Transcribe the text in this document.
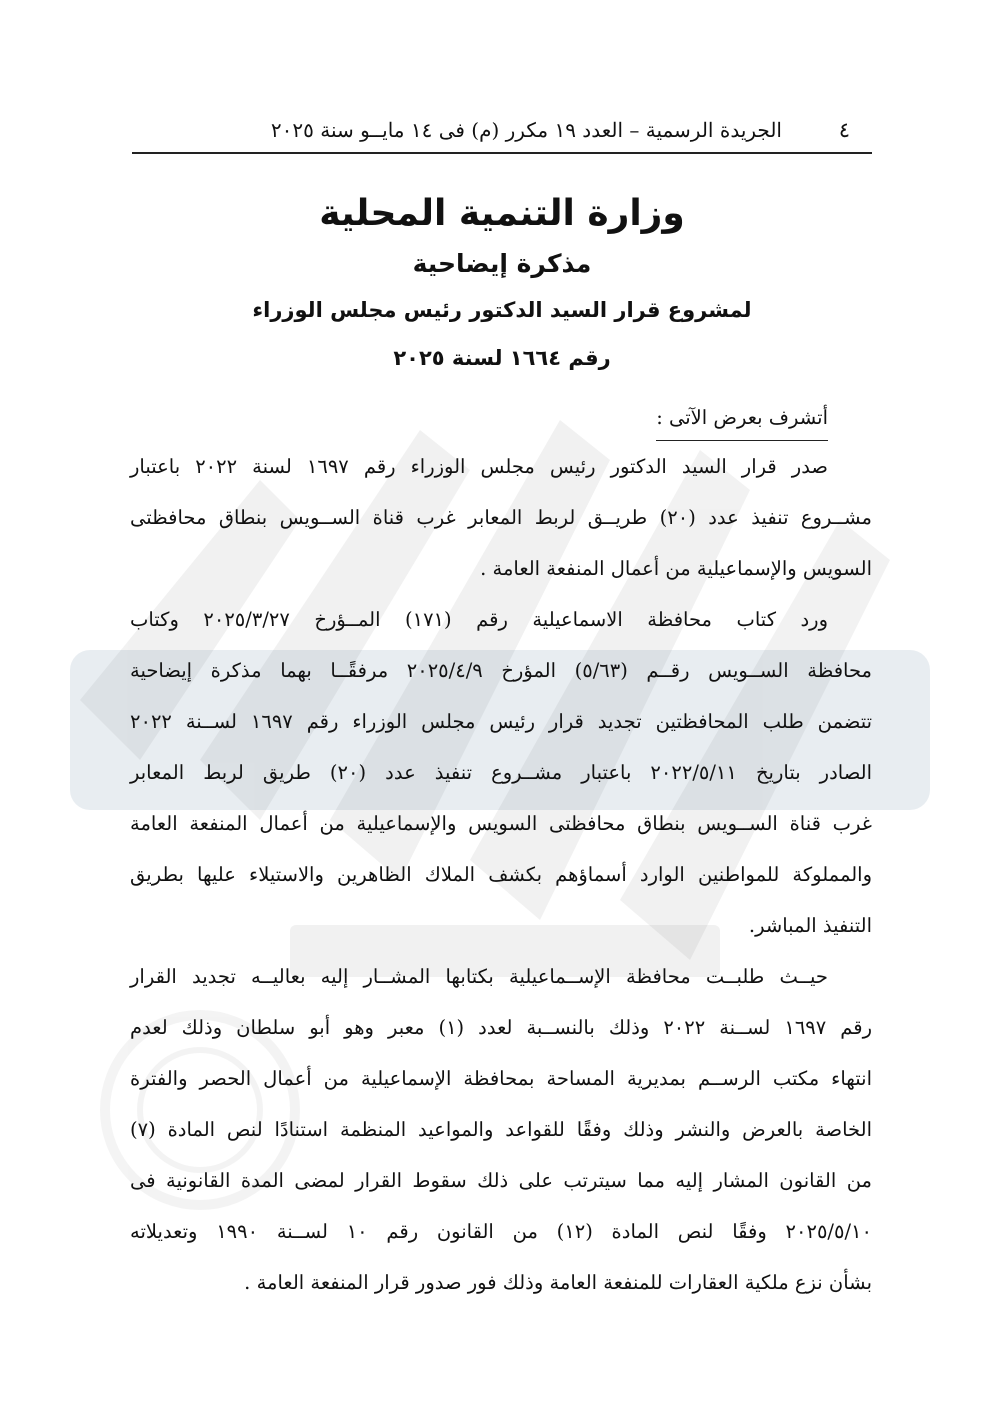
٤
الجريدة الرسمية – العدد ١٩ مكرر (م) فى ١٤ مايــو سنة ٢٠٢٥

وزارة التنمية المحلية

مذكرة إيضاحية

لمشروع قرار السيد الدكتور رئيس مجلس الوزراء

رقم ١٦٦٤ لسنة ٢٠٢٥

أتشرف بعرض الآتى :
صدر قرار السيد الدكتور رئيس مجلس الوزراء رقم ١٦٩٧ لسنة ٢٠٢٢ باعتبار
مشــروع تنفيذ عدد (٢٠) طريــق لربط المعابر غرب قناة الســويس بنطاق محافظتى
السويس والإسماعيلية من أعمال المنفعة العامة .
ورد كتاب محافظة الاسماعيلية رقم (١٧١) المــؤرخ ٢٠٢٥/٣/٢٧ وكتاب
محافظة الســويس رقــم (٥/٦٣) المؤرخ ٢٠٢٥/٤/٩ مرفقًــا بهما مذكرة إيضاحية
تتضمن طلب المحافظتين تجديد قرار رئيس مجلس الوزراء رقم ١٦٩٧ لســنة ٢٠٢٢
الصادر بتاريخ ٢٠٢٢/٥/١١ باعتبار مشــروع تنفيذ عدد (٢٠) طريق لربط المعابر
غرب قناة الســويس بنطاق محافظتى السويس والإسماعيلية من أعمال المنفعة العامة
والمملوكة للمواطنين الوارد أسماؤهم بكشف الملاك الظاهرين والاستيلاء عليها بطريق
التنفيذ المباشر.
حيــث طلبــت محافظة الإســماعيلية بكتابها المشــار إليه بعاليــه تجديد القرار
رقم ١٦٩٧ لســنة ٢٠٢٢ وذلك بالنســبة لعدد (١) معبر وهو أبو سلطان وذلك لعدم
انتهاء مكتب الرســم بمديرية المساحة بمحافظة الإسماعيلية من أعمال الحصر والفترة
الخاصة بالعرض والنشر وذلك وفقًا للقواعد والمواعيد المنظمة استنادًا لنص المادة (٧)
من القانون المشار إليه مما سيترتب على ذلك سقوط القرار لمضى المدة القانونية فى
٢٠٢٥/٥/١٠ وفقًا لنص المادة (١٢) من القانون رقم ١٠ لســنة ١٩٩٠ وتعديلاته
بشأن نزع ملكية العقارات للمنفعة العامة وذلك فور صدور قرار المنفعة العامة .
